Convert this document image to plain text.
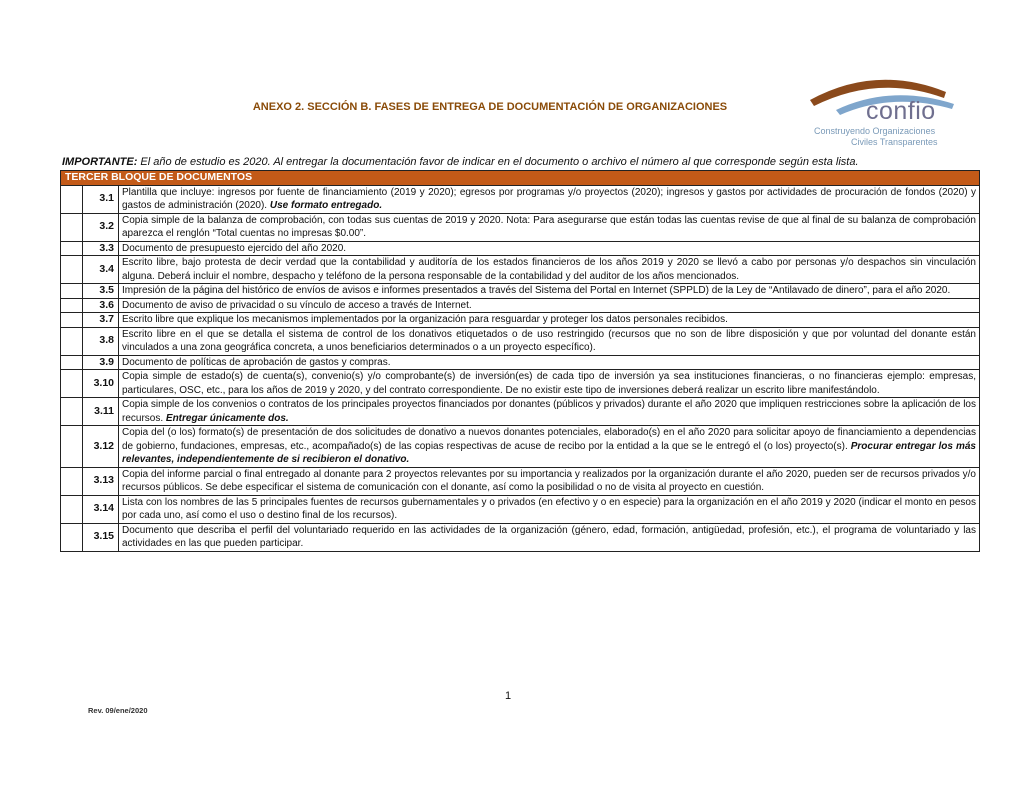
ANEXO 2. SECCIÓN B. FASES DE ENTREGA DE DOCUMENTACIÓN DE ORGANIZACIONES	confio
Construyendo Organizaciones
Civiles Transparentes
IMPORTANTE: El año de estudio es 2020. Al entregar la documentación favor de indicar en el documento o archivo el número al que corresponde según esta lista.
TERCER BLOQUE DE DOCUMENTOS		
	3.1	Plantilla que incluye: ingresos por fuente de financiamiento (2019 y 2020); egresos por programas y/o proyectos (2020); ingresos y gastos por actividades de procuración de fondos (2020) y gastos de administración (2020). Use formato entregado.
	3.2	Copia simple de la balanza de comprobación, con todas sus cuentas de 2019 y 2020. Nota: Para asegurarse que están todas las cuentas revise de que al final de su balanza de comprobación aparezca el renglón “Total cuentas no impresas $0.00”.
	3.3	Documento de presupuesto ejercido del año 2020.
	3.4	Escrito libre, bajo protesta de decir verdad que la contabilidad y auditoría de los estados financieros de los años 2019 y 2020 se llevó a cabo por personas y/o despachos sin vinculación alguna. Deberá incluir el nombre, despacho y teléfono de la persona responsable de la contabilidad y del auditor de los años mencionados.
	3.5	Impresión de la página del histórico de envíos de avisos e informes presentados a través del Sistema del Portal en Internet (SPPLD) de la Ley de “Antilavado de dinero”, para el año 2020.
	3.6	Documento de aviso de privacidad o su vínculo de acceso a través de Internet.
	3.7	Escrito libre que explique los mecanismos implementados por la organización para resguardar y proteger los datos personales recibidos.
	3.8	Escrito libre en el que se detalla el sistema de control de los donativos etiquetados o de uso restringido (recursos que no son de libre disposición y que por voluntad del donante están vinculados a una zona geográfica concreta, a unos beneficiarios determinados o a un proyecto específico).
	3.9	Documento de políticas de aprobación de gastos y compras.
	3.10	Copia simple de estado(s) de cuenta(s), convenio(s) y/o comprobante(s) de inversión(es) de cada tipo de inversión ya sea instituciones financieras, o no financieras ejemplo: empresas, particulares, OSC, etc., para los años de 2019 y 2020, y del contrato correspondiente. De no existir este tipo de inversiones deberá realizar un escrito libre manifestándolo.
	3.11	Copia simple de los convenios o contratos de los principales proyectos financiados por donantes (públicos y privados) durante el año 2020 que impliquen restricciones sobre la aplicación de los recursos. Entregar únicamente dos.
	3.12	Copia del (o los) formato(s) de presentación de dos solicitudes de donativo a nuevos donantes potenciales, elaborado(s) en el año 2020 para solicitar apoyo de financiamiento a dependencias de gobierno, fundaciones, empresas, etc., acompañado(s) de las copias respectivas de acuse de recibo por la entidad a la que se le entregó el (o los) proyecto(s). Procurar entregar los más relevantes, independientemente de si recibieron el donativo.
	3.13	Copia del informe parcial o final entregado al donante para 2 proyectos relevantes por su importancia y realizados por la organización durante el año 2020, pueden ser de recursos privados y/o recursos públicos. Se debe especificar el sistema de comunicación con el donante, así como la posibilidad o no de visita al proyecto en cuestión.
	3.14	Lista con los nombres de las 5 principales fuentes de recursos gubernamentales y o privados (en efectivo y o en especie) para la organización en el año 2019 y 2020 (indicar el monto en pesos por cada uno, así como el uso o destino final de los recursos).
	3.15	Documento que describa el perfil del voluntariado requerido en las actividades de la organización (género, edad, formación, antigüedad, profesión, etc.), el programa de voluntariado y las actividades en las que pueden participar.
1
Rev. 09/ene/2020
